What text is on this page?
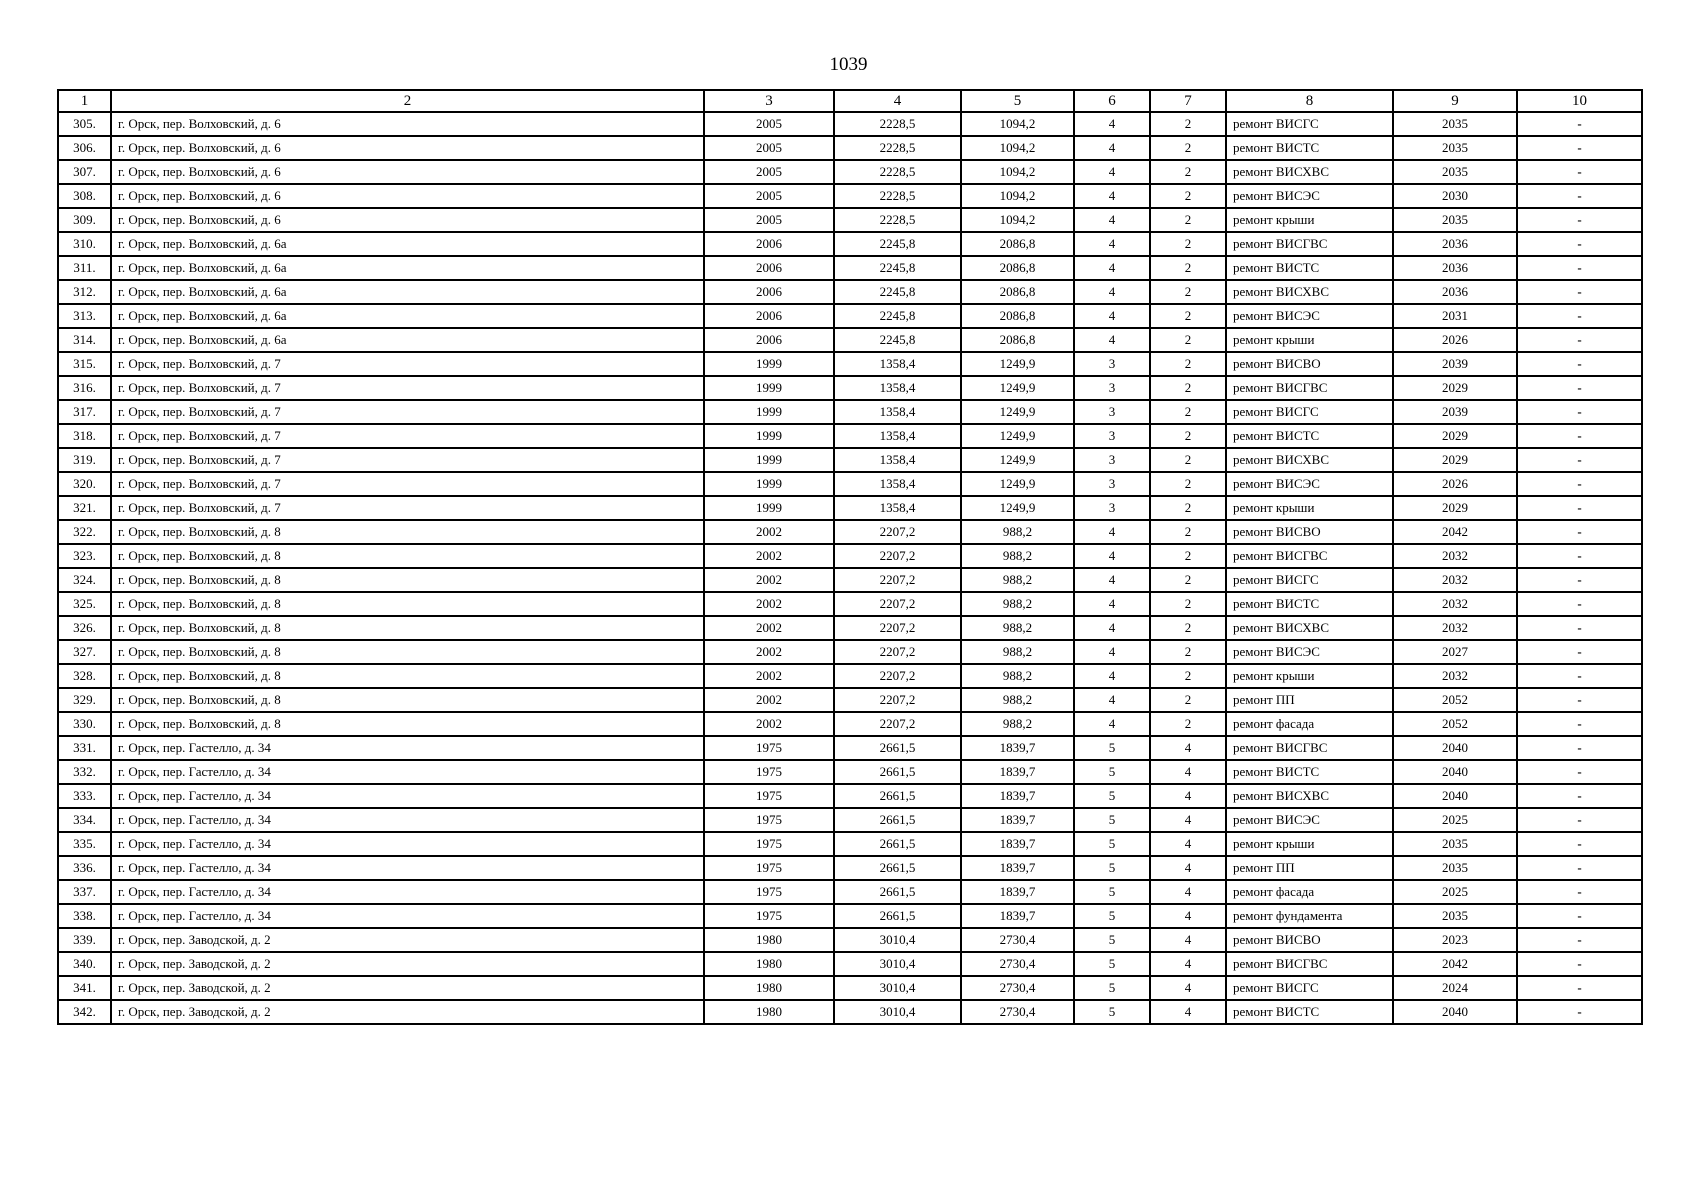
1039
1	2	3	4	5	6	7	8	9	10
305.	г. Орск, пер. Волховский, д. 6	2005	2228,5	1094,2	4	2	ремонт ВИСГС	2035	-
306.	г. Орск, пер. Волховский, д. 6	2005	2228,5	1094,2	4	2	ремонт ВИСТС	2035	-
307.	г. Орск, пер. Волховский, д. 6	2005	2228,5	1094,2	4	2	ремонт ВИСХВС	2035	-
308.	г. Орск, пер. Волховский, д. 6	2005	2228,5	1094,2	4	2	ремонт ВИСЭС	2030	-
309.	г. Орск, пер. Волховский, д. 6	2005	2228,5	1094,2	4	2	ремонт крыши	2035	-
310.	г. Орск, пер. Волховский, д. 6а	2006	2245,8	2086,8	4	2	ремонт ВИСГВС	2036	-
311.	г. Орск, пер. Волховский, д. 6а	2006	2245,8	2086,8	4	2	ремонт ВИСТС	2036	-
312.	г. Орск, пер. Волховский, д. 6а	2006	2245,8	2086,8	4	2	ремонт ВИСХВС	2036	-
313.	г. Орск, пер. Волховский, д. 6а	2006	2245,8	2086,8	4	2	ремонт ВИСЭС	2031	-
314.	г. Орск, пер. Волховский, д. 6а	2006	2245,8	2086,8	4	2	ремонт крыши	2026	-
315.	г. Орск, пер. Волховский, д. 7	1999	1358,4	1249,9	3	2	ремонт ВИСВО	2039	-
316.	г. Орск, пер. Волховский, д. 7	1999	1358,4	1249,9	3	2	ремонт ВИСГВС	2029	-
317.	г. Орск, пер. Волховский, д. 7	1999	1358,4	1249,9	3	2	ремонт ВИСГС	2039	-
318.	г. Орск, пер. Волховский, д. 7	1999	1358,4	1249,9	3	2	ремонт ВИСТС	2029	-
319.	г. Орск, пер. Волховский, д. 7	1999	1358,4	1249,9	3	2	ремонт ВИСХВС	2029	-
320.	г. Орск, пер. Волховский, д. 7	1999	1358,4	1249,9	3	2	ремонт ВИСЭС	2026	-
321.	г. Орск, пер. Волховский, д. 7	1999	1358,4	1249,9	3	2	ремонт крыши	2029	-
322.	г. Орск, пер. Волховский, д. 8	2002	2207,2	988,2	4	2	ремонт ВИСВО	2042	-
323.	г. Орск, пер. Волховский, д. 8	2002	2207,2	988,2	4	2	ремонт ВИСГВС	2032	-
324.	г. Орск, пер. Волховский, д. 8	2002	2207,2	988,2	4	2	ремонт ВИСГС	2032	-
325.	г. Орск, пер. Волховский, д. 8	2002	2207,2	988,2	4	2	ремонт ВИСТС	2032	-
326.	г. Орск, пер. Волховский, д. 8	2002	2207,2	988,2	4	2	ремонт ВИСХВС	2032	-
327.	г. Орск, пер. Волховский, д. 8	2002	2207,2	988,2	4	2	ремонт ВИСЭС	2027	-
328.	г. Орск, пер. Волховский, д. 8	2002	2207,2	988,2	4	2	ремонт крыши	2032	-
329.	г. Орск, пер. Волховский, д. 8	2002	2207,2	988,2	4	2	ремонт ПП	2052	-
330.	г. Орск, пер. Волховский, д. 8	2002	2207,2	988,2	4	2	ремонт фасада	2052	-
331.	г. Орск, пер. Гастелло, д. 34	1975	2661,5	1839,7	5	4	ремонт ВИСГВС	2040	-
332.	г. Орск, пер. Гастелло, д. 34	1975	2661,5	1839,7	5	4	ремонт ВИСТС	2040	-
333.	г. Орск, пер. Гастелло, д. 34	1975	2661,5	1839,7	5	4	ремонт ВИСХВС	2040	-
334.	г. Орск, пер. Гастелло, д. 34	1975	2661,5	1839,7	5	4	ремонт ВИСЭС	2025	-
335.	г. Орск, пер. Гастелло, д. 34	1975	2661,5	1839,7	5	4	ремонт крыши	2035	-
336.	г. Орск, пер. Гастелло, д. 34	1975	2661,5	1839,7	5	4	ремонт ПП	2035	-
337.	г. Орск, пер. Гастелло, д. 34	1975	2661,5	1839,7	5	4	ремонт фасада	2025	-
338.	г. Орск, пер. Гастелло, д. 34	1975	2661,5	1839,7	5	4	ремонт фундамента	2035	-
339.	г. Орск, пер. Заводской, д. 2	1980	3010,4	2730,4	5	4	ремонт ВИСВО	2023	-
340.	г. Орск, пер. Заводской, д. 2	1980	3010,4	2730,4	5	4	ремонт ВИСГВС	2042	-
341.	г. Орск, пер. Заводской, д. 2	1980	3010,4	2730,4	5	4	ремонт ВИСГС	2024	-
342.	г. Орск, пер. Заводской, д. 2	1980	3010,4	2730,4	5	4	ремонт ВИСТС	2040	-
